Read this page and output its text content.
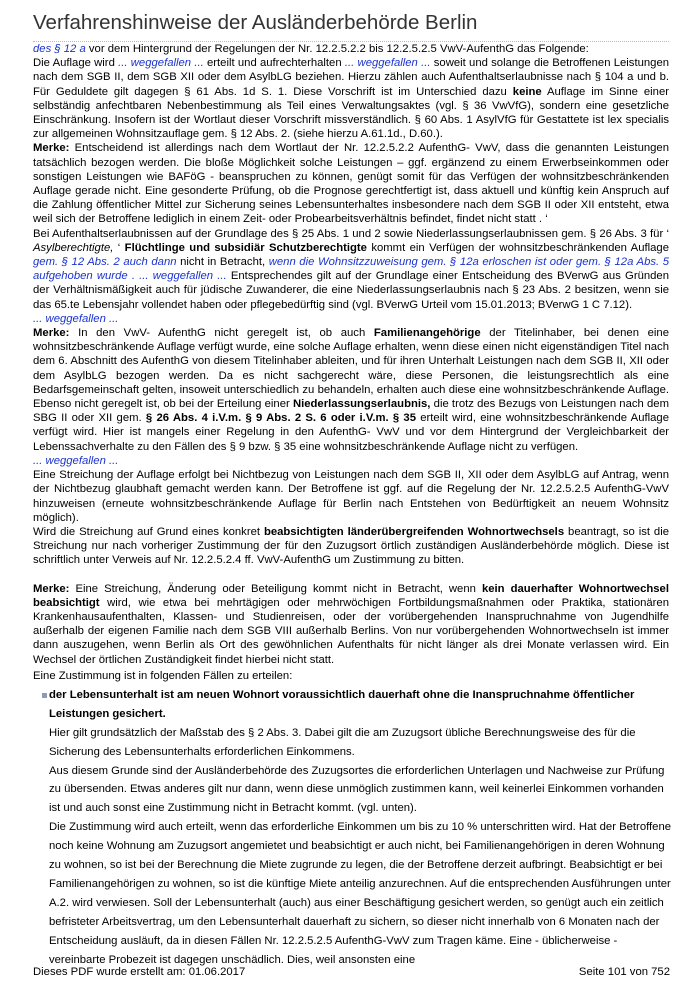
Verfahrenshinweise der Ausländerbehörde Berlin

des § 12 a vor dem Hintergrund der Regelungen der Nr. 12.2.5.2.2 bis 12.2.5.2.5 VwV-AufenthG das Folgende:

Die Auflage wird ... weggefallen ... erteilt und aufrechterhalten ... weggefallen ... soweit und solange die Betroffenen Leistungen nach dem SGB II, dem SGB XII oder dem AsylbLG beziehen. Hierzu zählen auch Aufenthaltserlaubnisse nach § 104 a und b. Für Geduldete gilt dagegen § 61 Abs. 1d S. 1. Diese Vorschrift ist im Unterschied dazu keine Auflage im Sinne einer selbständig anfechtbaren Nebenbestimmung als Teil eines Verwaltungsaktes (vgl. § 36 VwVfG), sondern eine gesetzliche Einschränkung. Insofern ist der Wortlaut dieser Vorschrift missverständlich. § 60 Abs. 1 AsylVfG für Gestattete ist lex specialis zur allgemeinen Wohnsitzauflage gem. § 12 Abs. 2. (siehe hierzu A.61.1d., D.60.).

Merke: Entscheidend ist allerdings nach dem Wortlaut der Nr. 12.2.5.2.2 AufenthG- VwV, dass die genannten Leistungen tatsächlich bezogen werden. Die bloße Möglichkeit solche Leistungen – ggf. ergänzend zu einem Erwerbseinkommen oder sonstigen Leistungen wie BAFöG - beanspruchen zu können, genügt somit für das Verfügen der wohnsitzbeschränkenden Auflage gerade nicht. Eine gesonderte Prüfung, ob die Prognose gerechtfertigt ist, dass aktuell und künftig kein Anspruch auf die Zahlung öffentlicher Mittel zur Sicherung seines Lebensunterhaltes insbesondere nach dem SGB II oder XII entsteht, etwa weil sich der Betroffene lediglich in einem Zeit- oder Probearbeitsverhältnis befindet, findet nicht statt . ‘

Bei Aufenthaltserlaubnissen auf der Grundlage des § 25 Abs. 1 und 2 sowie Niederlassungserlaubnissen gem. § 26 Abs. 3 für ‘ Asylberechtigte, ‘ Flüchtlinge und subsidiär Schutzberechtigte kommt ein Verfügen der wohnsitzbeschränkenden Auflage gem. § 12 Abs. 2 auch dann nicht in Betracht, wenn die Wohnsitzzuweisung gem. § 12a erloschen ist oder gem. § 12a Abs. 5 aufgehoben wurde . ... weggefallen ... Entsprechendes gilt auf der Grundlage einer Entscheidung des BVerwG aus Gründen der Verhältnismäßigkeit auch für jüdische Zuwanderer, die eine Niederlassungserlaubnis nach § 23 Abs. 2 besitzen, wenn sie das 65.te Lebensjahr vollendet haben oder pflegebedürftig sind (vgl. BVerwG Urteil vom 15.01.2013; BVerwG 1 C 7.12).

... weggefallen ...

Merke: In den VwV- AufenthG nicht geregelt ist, ob auch Familienangehörige der Titelinhaber, bei denen eine wohnsitzbeschränkende Auflage verfügt wurde, eine solche Auflage erhalten, wenn diese einen nicht eigenständigen Titel nach dem 6. Abschnitt des AufenthG von diesem Titelinhaber ableiten, und für ihren Unterhalt Leistungen nach dem SGB II, XII oder dem AsylbLG bezogen werden. Da es nicht sachgerecht wäre, diese Personen, die leistungsrechtlich als eine Bedarfsgemeinschaft gelten, insoweit unterschiedlich zu behandeln, erhalten auch diese eine wohnsitzbeschränkende Auflage. Ebenso nicht geregelt ist, ob bei der Erteilung einer Niederlassungserlaubnis, die trotz des Bezugs von Leistungen nach dem SBG II oder XII gem. § 26 Abs. 4 i.V.m. § 9 Abs. 2 S. 6 oder i.V.m. § 35 erteilt wird, eine wohnsitzbeschränkende Auflage verfügt wird. Hier ist mangels einer Regelung in den AufenthG- VwV und vor dem Hintergrund der Vergleichbarkeit der Lebenssachverhalte zu den Fällen des § 9 bzw. § 35 eine wohnsitzbeschränkende Auflage nicht zu verfügen.

... weggefallen ...

Eine Streichung der Auflage erfolgt bei Nichtbezug von Leistungen nach dem SGB II, XII oder dem AsylbLG auf Antrag, wenn der Nichtbezug glaubhaft gemacht werden kann. Der Betroffene ist ggf. auf die Regelung der Nr. 12.2.5.2.5 AufenthG-VwV hinzuweisen (erneute wohnsitzbeschränkende Auflage für Berlin nach Entstehen von Bedürftigkeit an neuem Wohnsitz möglich).

Wird die Streichung auf Grund eines konkret beabsichtigten länderübergreifenden Wohnortwechsels beantragt, so ist die Streichung nur nach vorheriger Zustimmung der für den Zuzugsort örtlich zuständigen Ausländerbehörde möglich. Diese ist schriftlich unter Verweis auf Nr. 12.2.5.2.4 ff. VwV-AufenthG um Zustimmung zu bitten.

Merke: Eine Streichung, Änderung oder Beteiligung kommt nicht in Betracht, wenn kein dauerhafter Wohnortwechsel beabsichtigt wird, wie etwa bei mehrtägigen oder mehrwöchigen Fortbildungsmaßnahmen oder Praktika, stationären Krankenhausaufenthalten, Klassen- und Studienreisen, oder der vorübergehenden Inanspruchnahme von Jugendhilfe außerhalb der eigenen Familie nach dem SGB VIII außerhalb Berlins. Von nur vorübergehenden Wohnortwechseln ist immer dann auszugehen, wenn Berlin als Ort des gewöhnlichen Aufenthalts für nicht länger als drei Monate verlassen wird. Ein Wechsel der örtlichen Zuständigkeit findet hierbei nicht statt.

Eine Zustimmung ist in folgenden Fällen zu erteilen:
der Lebensunterhalt ist am neuen Wohnort voraussichtlich dauerhaft ohne die Inanspruchnahme öffentlicher Leistungen gesichert.
Hier gilt grundsätzlich der Maßstab des § 2 Abs. 3. Dabei gilt die am Zuzugsort übliche Berechnungsweise des für die Sicherung des Lebensunterhalts erforderlichen Einkommens.
Aus diesem Grunde sind der Ausländerbehörde des Zuzugsortes die erforderlichen Unterlagen und Nachweise zur Prüfung zu übersenden. Etwas anderes gilt nur dann, wenn diese unmöglich zustimmen kann, weil keinerlei Einkommen vorhanden ist und auch sonst eine Zustimmung nicht in Betracht kommt. (vgl. unten).
Die Zustimmung wird auch erteilt, wenn das erforderliche Einkommen um bis zu 10 % unterschritten wird. Hat der Betroffene noch keine Wohnung am Zuzugsort angemietet und beabsichtigt er auch nicht, bei Familienangehörigen in deren Wohnung zu wohnen, so ist bei der Berechnung die Miete zugrunde zu legen, die der Betroffene derzeit aufbringt. Beabsichtigt er bei Familienangehörigen zu wohnen, so ist die künftige Miete anteilig anzurechnen. Auf die entsprechenden Ausführungen unter A.2. wird verwiesen. Soll der Lebensunterhalt (auch) aus einer Beschäftigung gesichert werden, so genügt auch ein zeitlich befristeter Arbeitsvertrag, um den Lebensunterhalt dauerhaft zu sichern, so dieser nicht innerhalb von 6 Monaten nach der Entscheidung ausläuft, da in diesen Fällen Nr. 12.2.5.2.5 AufenthG-VwV zum Tragen käme. Eine - üblicherweise - vereinbarte Probezeit ist dagegen unschädlich. Dies, weil ansonsten eine
Dieses PDF wurde erstellt am: 01.06.2017	Seite 101 von 752
